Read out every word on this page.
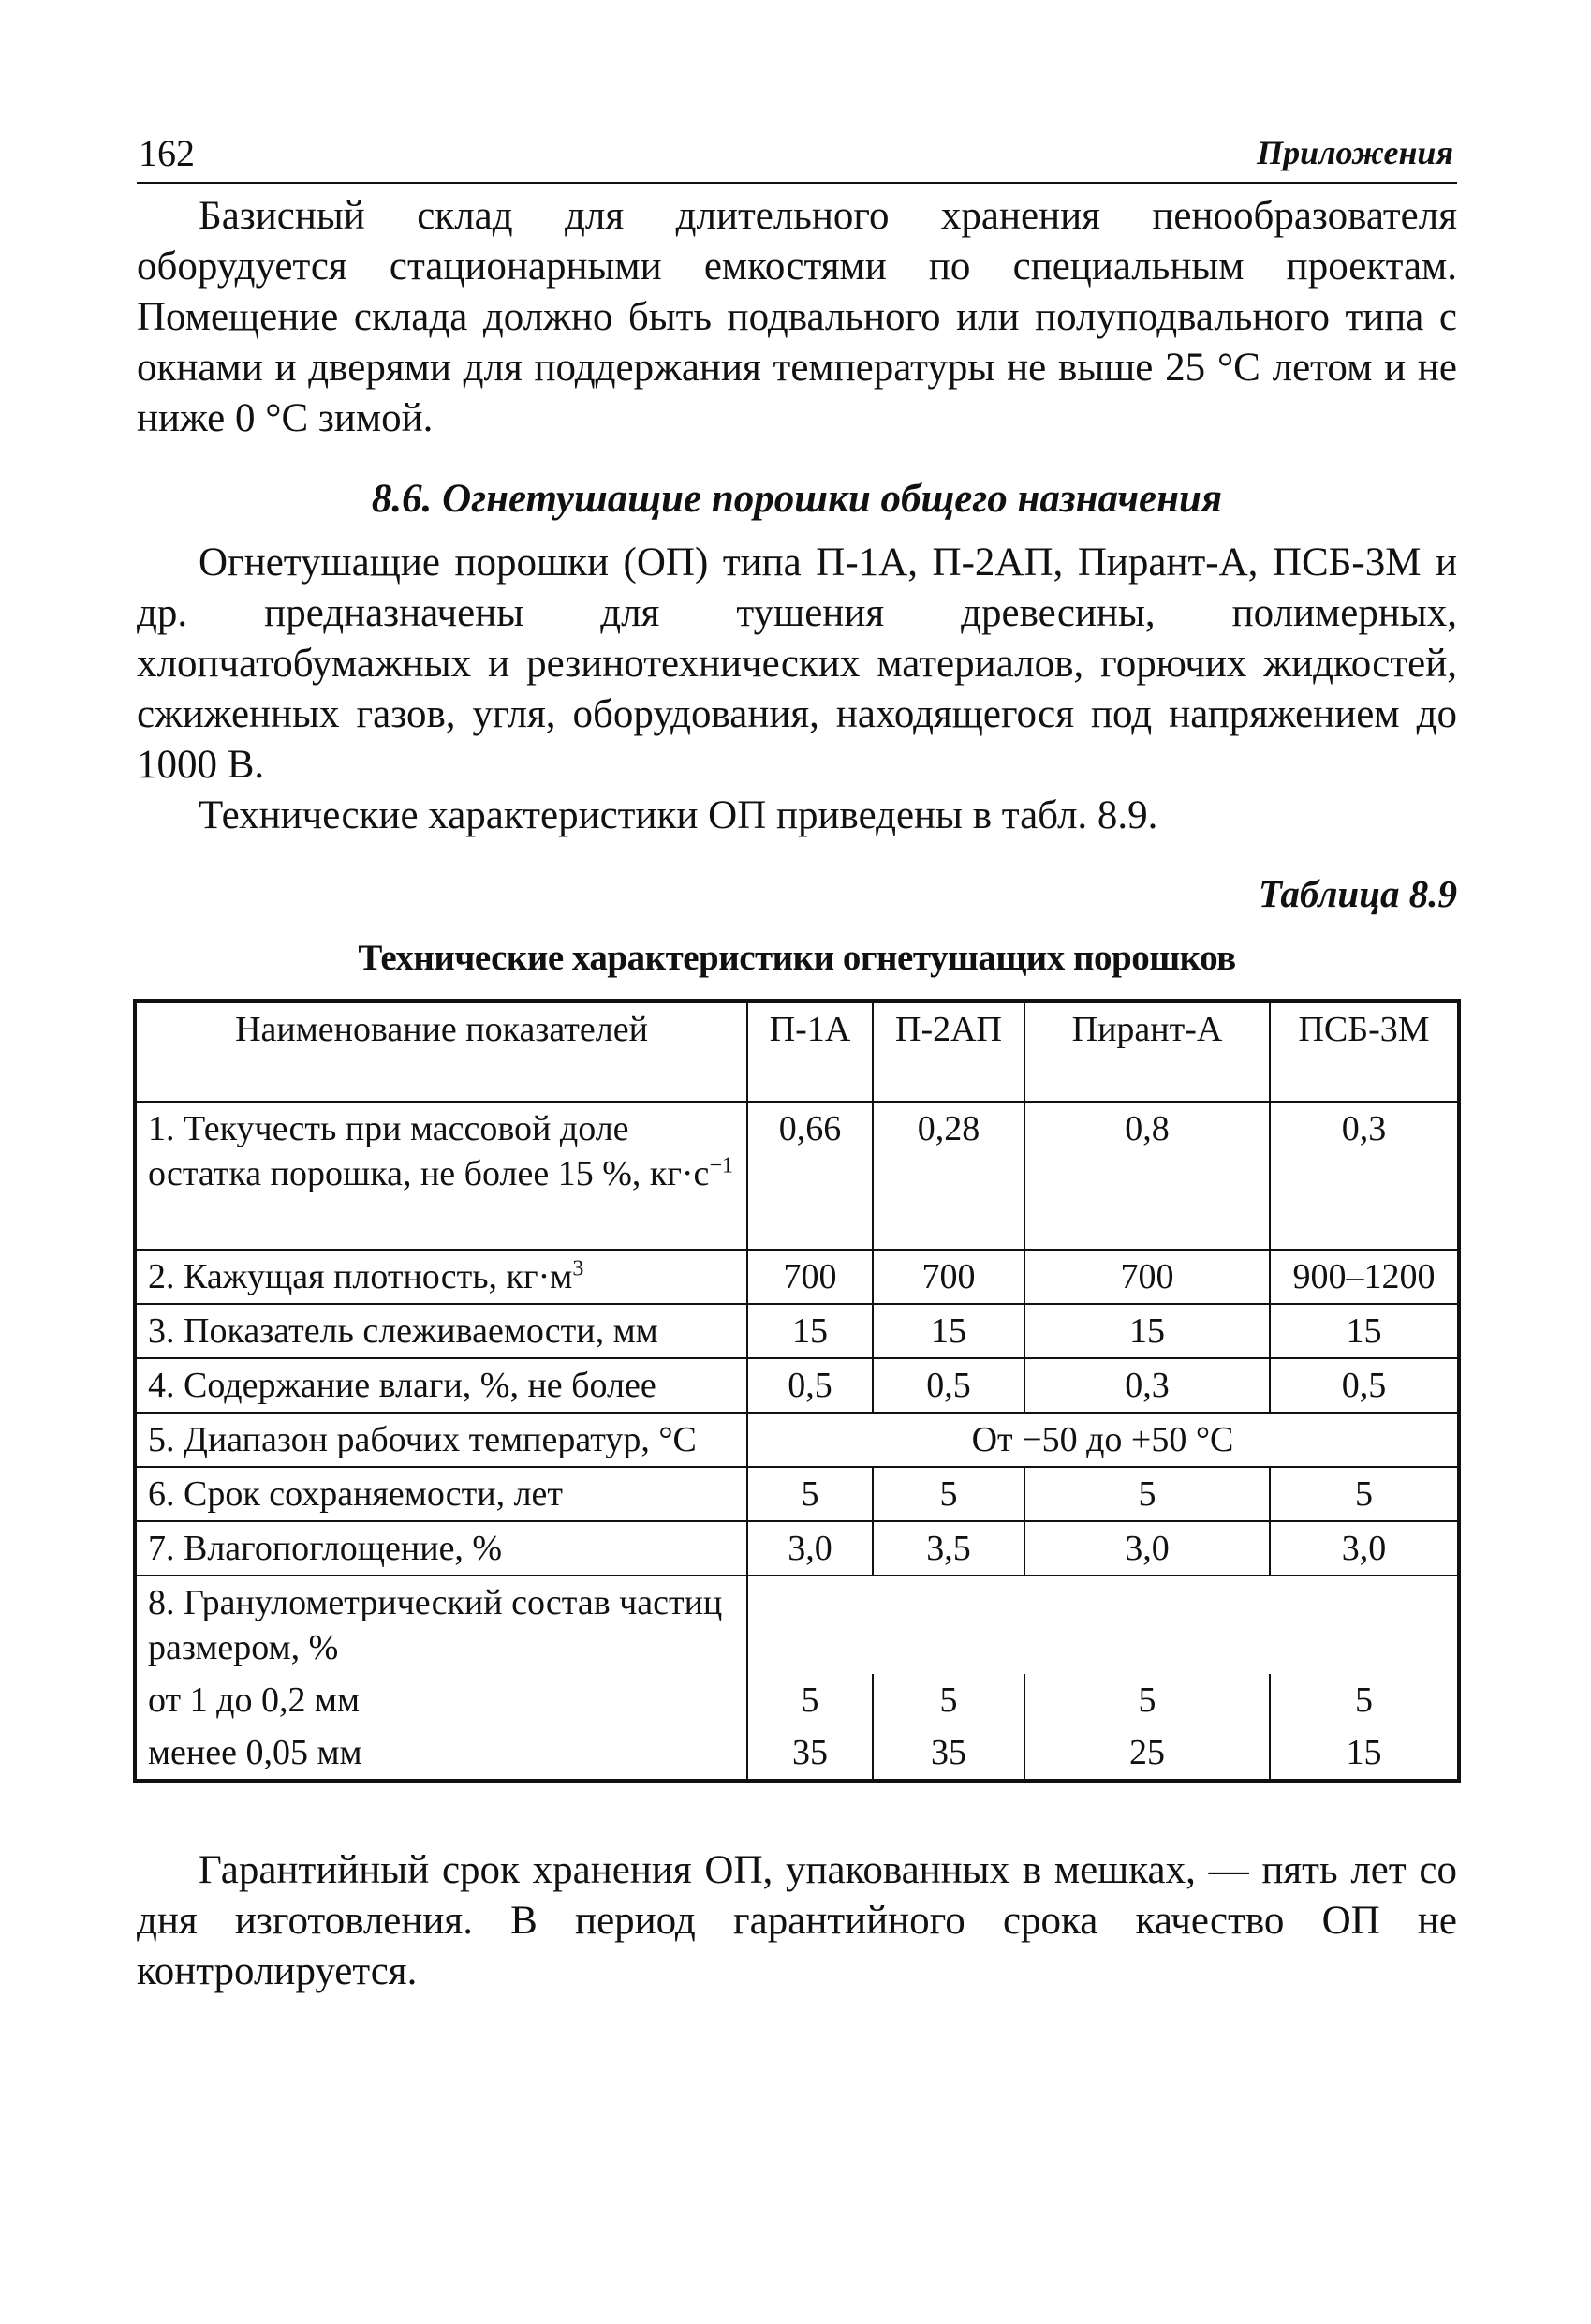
162	Приложения

Базисный склад для длительного хранения пенообразователя оборудуется стационарными емкостями по специальным проектам. Помещение склада должно быть подвального или полуподвального типа с окнами и дверями для поддержания температуры не выше 25 °С летом и не ниже 0 °С зимой.

8.6. Огнетушащие порошки общего назначения

Огнетушащие порошки (ОП) типа П-1А, П-2АП, Пирант-А, ПСБ-3М и др. предназначены для тушения древесины, полимерных, хлопчатобумажных и резинотехнических материалов, горючих жидкостей, сжиженных газов, угля, оборудования, находящегося под напряжением до 1000 В.

Технические характеристики ОП приведены в табл. 8.9.

Таблица 8.9
Технические характеристики огнетушащих порошков
Наименование показателей	П-1А	П-2АП	Пирант-А	ПСБ-3М
1. Текучесть при массовой доле остатка порошка, не более 15 %, $кг\cdot с^{-1}$	0,66	0,28	0,8	0,3
2. Кажущая плотность, $кг\cdot м^3$	700	700	700	900–1200
3. Показатель слеживаемости, мм	15	15	15	15
4. Содержание влаги, %, не более	0,5	0,5	0,3	0,5
5. Диапазон рабочих температур, °С	От −50 до +50 °С			
6. Срок сохраняемости, лет	5	5	5	5
7. Влагопоглощение, %	3,0	3,5	3,0	3,0
8. Гранулометрический состав частиц размером, %				
от 1 до 0,2 мм	5	5	5	5
менее 0,05 мм	35	35	25	15

Гарантийный срок хранения ОП, упакованных в мешках, — пять лет со дня изготовления. В период гарантийного срока качество ОП не контролируется.
